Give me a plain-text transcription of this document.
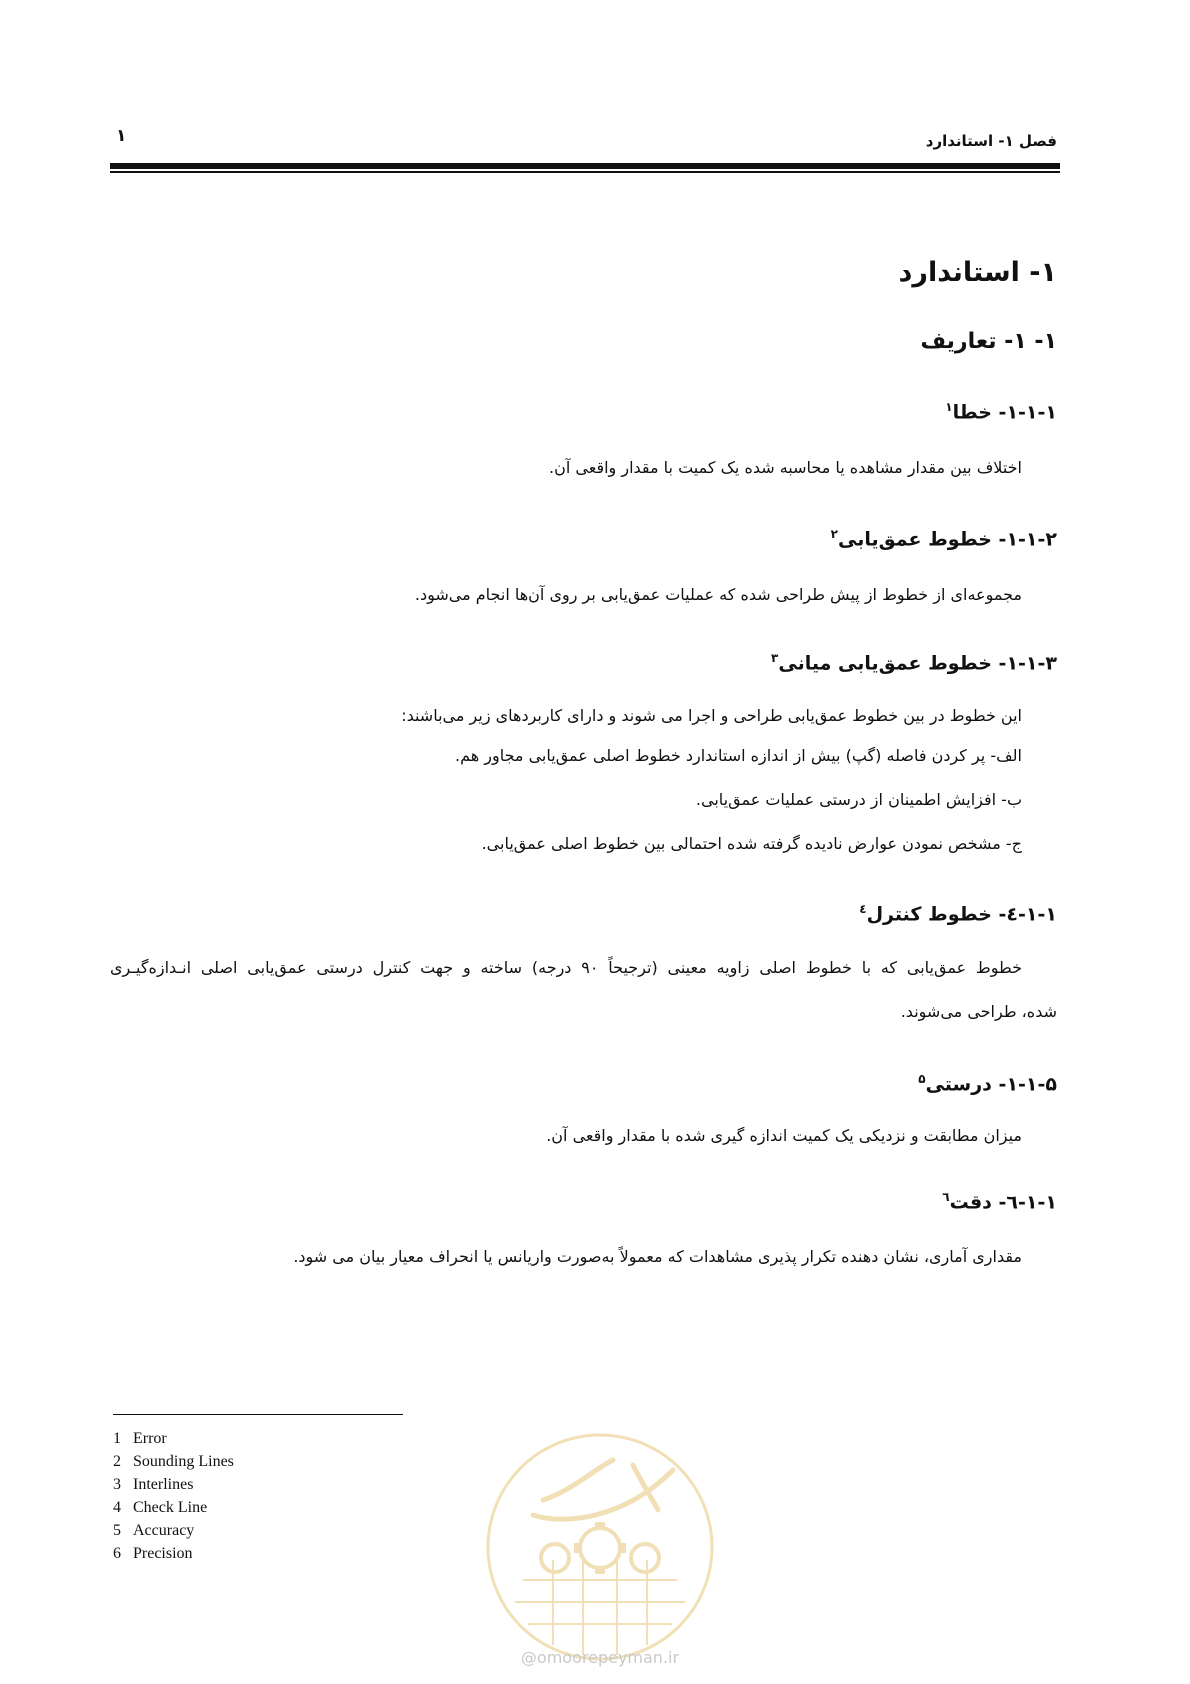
فصل ۱- استاندارد
۱
۱- استاندارد
۱- ۱- تعاریف
۱-۱-۱- خطا$^۱$
اختلاف بین مقدار مشاهده یا محاسبه شده یک کمیت با مقدار واقعی آن.
۱-۱-۲- خطوط عمق‌یابی$^۲$
مجموعه‌ای از خطوط از پیش طراحی شده که عملیات عمق‌یابی بر روی آن‌ها انجام می‌شود.
۱-۱-۳- خطوط عمق‌یابی میانی$^۳$
این خطوط در بین خطوط عمق‌یابی طراحی و اجرا می شوند و دارای کاربردهای زیر می‌باشند:
الف- پر کردن فاصله (گپ) بیش از اندازه استاندارد خطوط اصلی عمق‌یابی مجاور هم.
ب- افزایش اطمینان از درستی عملیات عمق‌یابی.
ج- مشخص نمودن عوارض نادیده گرفته شده احتمالی بین خطوط اصلی عمق‌یابی.
۱-۱-٤- خطوط کنترل$^٤$
خطوط عمق‌یابی که با خطوط اصلی زاویه معینی (ترجیحاً ۹۰ درجه) ساخته و جهت کنترل درستی عمق‌یابی اصلی انـدازه‌گیـری
شده، طراحی می‌شوند.
۱-۱-۵- درستی$^۵$
میزان مطابقت و نزدیکی یک کمیت اندازه گیری شده با مقدار واقعی آن.
۱-۱-٦- دقت$^٦$
مقداری آماری، نشان دهنده تکرار پذیری مشاهدات که معمولاً به‌صورت واریانس یا انحراف معیار بیان می شود.
1 Error
2 Sounding Lines
3 Interlines
4 Check Line
5 Accuracy
6 Precision
@omoorepeyman.ir
